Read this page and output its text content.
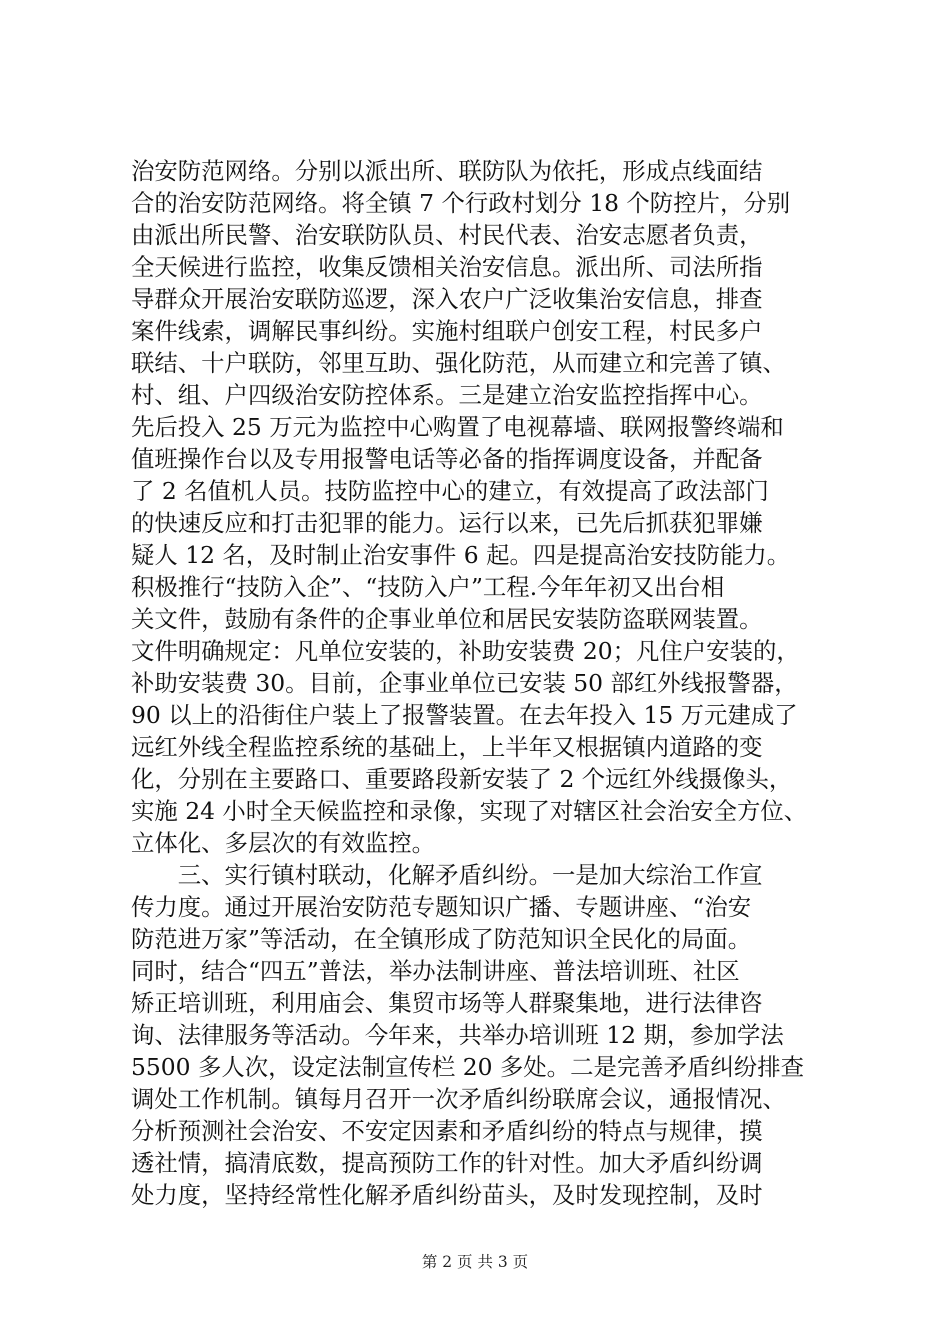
治安防范网络。分别以派出所、联防队为依托，形成点线面结
合的治安防范网络。将全镇 7 个行政村划分 18 个防控片，分别
由派出所民警、治安联防队员、村民代表、治安志愿者负责，
全天候进行监控，收集反馈相关治安信息。派出所、司法所指
导群众开展治安联防巡逻，深入农户广泛收集治安信息，排查
案件线索，调解民事纠纷。实施村组联户创安工程，村民多户
联结、十户联防，邻里互助、强化防范，从而建立和完善了镇、
村、组、户四级治安防控体系。三是建立治安监控指挥中心。
先后投入 25 万元为监控中心购置了电视幕墙、联网报警终端和
值班操作台以及专用报警电话等必备的指挥调度设备，并配备
了 2 名值机人员。技防监控中心的建立，有效提高了政法部门
的快速反应和打击犯罪的能力。运行以来，已先后抓获犯罪嫌
疑人 12 名，及时制止治安事件 6 起。四是提高治安技防能力。
积极推行“技防入企”、“技防入户”工程.今年年初又出台相
关文件，鼓励有条件的企事业单位和居民安装防盗联网装置。
文件明确规定：凡单位安装的，补助安装费 20；凡住户安装的，
补助安装费 30。目前，企事业单位已安装 50 部红外线报警器，
90 以上的沿街住户装上了报警装置。在去年投入 15 万元建成了
远红外线全程监控系统的基础上，上半年又根据镇内道路的变
化，分别在主要路口、重要路段新安装了 2 个远红外线摄像头，
实施 24 小时全天候监控和录像，实现了对辖区社会治安全方位、
立体化、多层次的有效监控。
　　三、实行镇村联动，化解矛盾纠纷。一是加大综治工作宣
传力度。通过开展治安防范专题知识广播、专题讲座、“治安
防范进万家”等活动，在全镇形成了防范知识全民化的局面。
同时，结合“四五”普法，举办法制讲座、普法培训班、社区
矫正培训班，利用庙会、集贸市场等人群聚集地，进行法律咨
询、法律服务等活动。今年来，共举办培训班 12 期，参加学法
5500 多人次，设定法制宣传栏 20 多处。二是完善矛盾纠纷排查
调处工作机制。镇每月召开一次矛盾纠纷联席会议，通报情况、
分析预测社会治安、不安定因素和矛盾纠纷的特点与规律，摸
透社情，搞清底数，提高预防工作的针对性。加大矛盾纠纷调
处力度，坚持经常性化解矛盾纠纷苗头，及时发现控制，及时
第 2 页 共 3 页
